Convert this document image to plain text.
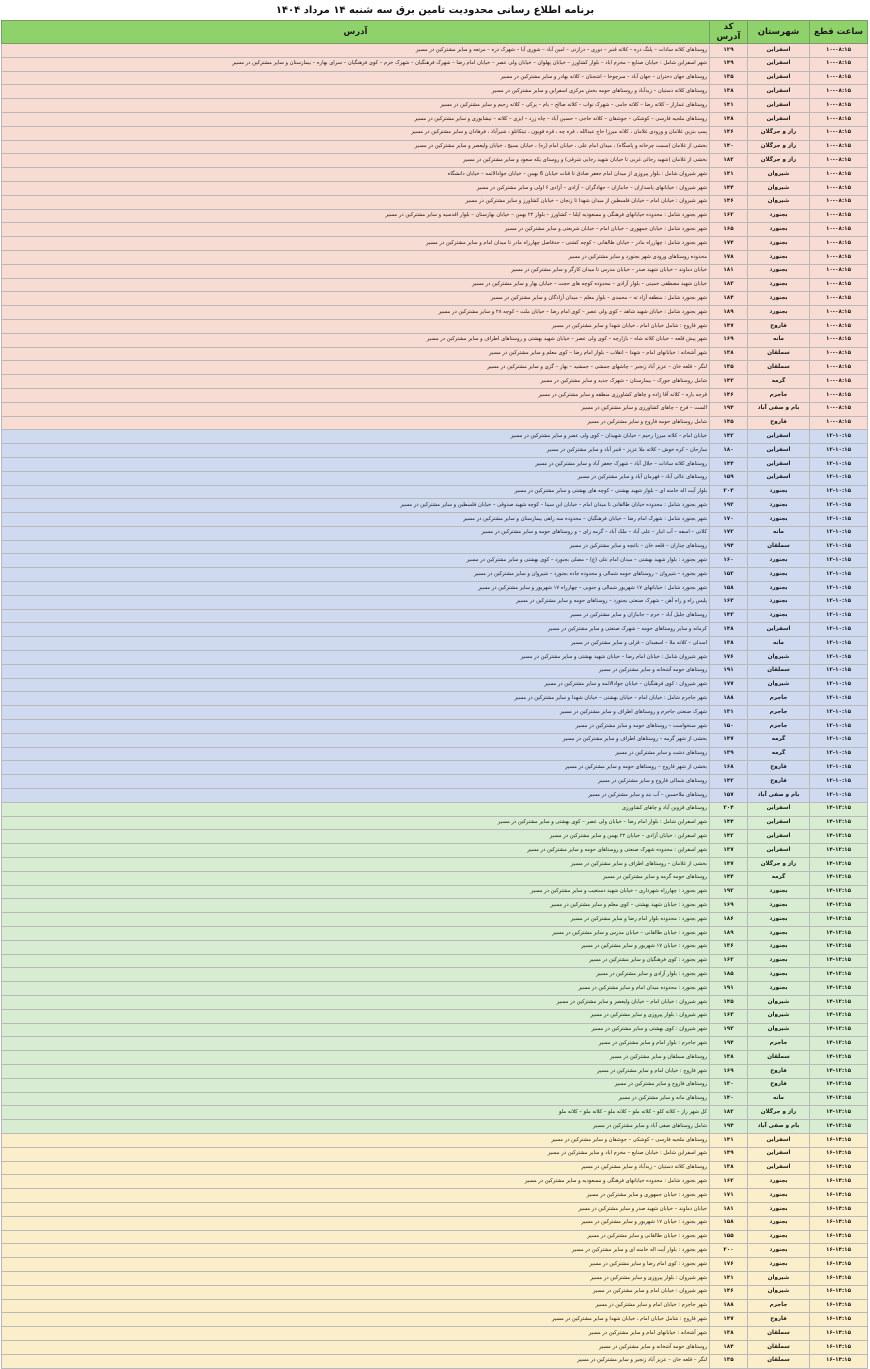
برنامه اطلاع رسانی محدودیت تامین برق سه شنبه ۱۴ مرداد ۱۴۰۴
ساعت قطع	شهرستان	کد آدرس	آدرس
۱۰-۰۸:۱۵	اسفراین	۱۲۹	روستاهای کلاته سادات – پلنگ دره – کلاته قنبر – دوری – درازنی – امین آباد – شوری آبا – شهرک دره – مرتعه و سایر مشترکین در مسیر
۱۰-۰۸:۱۵	اسفراین	۱۴۹	شهر اسفراین شامل : خیابان صنایع – مخرم اباد – بلوار کشاورز – خیابان پهلوان – خیابان ولی عصر – خیابان امام رضا – شهرک فرهنگیان – شهرک خرم – کوی فرهنگیان – سرای بهاره – بیمارستان و سایر مشترکین در مسیر
۱۰-۰۸:۱۵	اسفراین	۱۳۵	روستاهای جهان دختران – جهان آباد – سرچوخا – اشجنان – کلاته بهادر و سایر مشترکین در مسیر
۱۰-۰۸:۱۵	اسفراین	۱۳۸	روستاهای کلاته دستیان – زیدآباد و روستاهای حومه بخش مرکزی اسفراین و سایر مشترکین در مسیر
۱۰-۰۸:۱۵	اسفراین	۱۴۱	روستاهای عماراز – کلاته رضا – کلاته جامی – شهرک نواب – کلاته صالح – بام – پرکی – کلاته رحیم و سایر مشترکین در مسیر
۱۰-۰۸:۱۵	اسفراین	۱۴۸	روستاهای ملحیه فارسی – کوشکی – جوشقان – کلاته حاجی – حسین آباد – چاه زرد – ایزی – کلاته – نیشابوری و سایر مشترکین در مسیر
۱۰-۰۸:۱۵	راز و جرگلان	۱۴۶	پمپ بنزین غلامان و ورودی غلامان ، کلاته میرزا حاج عبدالله ، قره چه ، قره قویون ، تیتکانلو ، شیرآباد ، فرهادان و سایر مشترکین در مسیر
۱۰-۰۸:۱۵	راز و جرگلان	۱۴۰	بخشی از غلامان (سمت چرخانه و پاسگاه) ، میدان امام علی ، خیابان امام (ره) ، خیابان بسیج ، خیابان ولیعصر و سایر مشترکین در مسیر
۱۰-۰۸:۱۵	راز و جرگلان	۱۸۲	بخشی از غلامان (شهید رجائی غربی تا خیابان شهید رجایی شرقی) و روستای یکه سعود و سایر مشترکین در مسیر
۱۰-۰۸:۱۵	شیروان	۱۴۱	شهر شیروان شامل : بلوار پیروزی از میدان امام جعفر صادق تا قنات خیابان 6 بهمن – خیابان جوادالائمه – خیابان دانشگاه
۱۰-۰۸:۱۵	شیروان	۱۴۴	شهر شیروان : خیابانهای پاسداران – جانبازان – جهادگران – آزادی – آزادی ۶ اولی و سایر مشترکین در مسیر
۱۰-۰۸:۱۵	شیروان	۱۴۶	شهر شیروان : خیابان امام – خیابان فلسطین از میدان شهدا تا زنجان – خیابان کشاورز و سایر مشترکین در مسیر
۱۰-۰۸:۱۵	بجنورد	۱۶۲	شهر بجنورد شامل : محدوده خیابانهای فرهنگی و مسعودیه ایلنا – کشاورز – بلوار ۲۲ بهمن – خیابان بهارستان – بلوار اقدسیه و سایر مشترکین در مسیر
۱۰-۰۸:۱۵	بجنورد	۱۶۵	شهر بجنورد شامل : خیابان جمهوری – خیابان امام – خیابان شریعتی و سایر مشترکین در مسیر
۱۰-۰۸:۱۵	بجنورد	۱۷۴	شهر بجنورد شامل : چهارراه مادر – خیابان طالقانی – کوچه کشتی – حدفاصل چهارراه مادر تا میدان امام و سایر مشترکین در مسیر
۱۰-۰۸:۱۵	بجنورد	۱۷۸	محدوده روستاهای ورودی شهر بجنورد و سایر مشترکین در مسیر
۱۰-۰۸:۱۵	بجنورد	۱۸۱	خیابان دماوند – خیابان شهید صدر – خیابان مدرس تا میدان کارگر و سایر مشترکین در مسیر
۱۰-۰۸:۱۵	بجنورد	۱۸۳	خیابان شهید مصطفی خمینی – بلوار آزادی – محدوده کوچه های حجت – خیابان بهار و سایر مشترکین در مسیر
۱۰-۰۸:۱۵	بجنورد	۱۸۴	شهر بجنورد شامل : منطقه آزاد ته – محمدی – بلوار معلم – میدان آزادگان و سایر مشترکین در مسیر
۱۰-۰۸:۱۵	بجنورد	۱۸۹	شهر بجنورد شامل : خیابان شهید شاهد – کوی ولی عصر – کوی امام رضا – خیابان ملت – کوچه ۲۸ و سایر مشترکین در مسیر
۱۰-۰۸:۱۵	فاروج	۱۴۷	شهر فاروج : شامل خیابان امام ، خیابان شهدا و سایر مشترکین در مسیر
۱۰-۰۸:۱۵	مانه	۱۶۹	شهر پیش قلعه – خیابان کلاته شاه – بازارچه – کوی ولی عصر – خیابان شهید بهشتی و روستاهای اطراف و سایر مشترکین در مسیر
۱۰-۰۸:۱۵	سملقان	۱۳۸	شهر آشخانه : خیابانهای امام – شهدا – انقلاب – بلوار امام رضا – کوی معلم و سایر مشترکین در مسیر
۱۰-۰۸:۱۵	سملقان	۱۳۵	لنگر – قلعه خان – عزیز آباد زنجیر – چاشهای جمشی – جمشید – بهار – گزی و سایر مشترکین در مسیر
۱۰-۰۸:۱۵	گرمه	۱۴۳	شامل روستاهای جورک – بیمارستان – شهرک جدید و سایر مشترکین در مسیر
۱۰-۰۸:۱۵	جاجرم	۱۴۶	قرجه باره – کلاته آقا زاده و چاهای کشاورزی منطقه و سایر مشترکین در مسیر
۱۰-۰۸:۱۵	بام و صفی آباد	۱۹۴	الست – فرخ – چاهای کشاورزی و سایر مشترکین در مسیر
۱۰-۰۸:۱۵	فاروج	۱۴۵	شامل روستاهای حومه فاروج و سایر مشترکین در مسیر
۱۲-۱۰:۱۵	اسفراین	۱۴۲	خیابان امام – کلاته میرزا رحیم – خیابان شهیدان – کوی ولی عصر و سایر مشترکین در مسیر
۱۲-۱۰:۱۵	اسفراین	۱۸۰	سارحان – کره خوش – کلاته ملا عزیز – قنبر آباد و سایر مشترکین در مسیر
۱۲-۱۰:۱۵	اسفراین	۱۴۴	روستاهای کلاته سادات – جلال آباد – شهرک جعفر آباد و سایر مشترکین در مسیر
۱۲-۱۰:۱۵	اسفراین	۱۵۹	روستاهای عالی آباد – قهرمان آباد و سایر مشترکین در مسیر
۱۲-۱۰:۱۵	بجنورد	۲۰۳	بلوار آیت اله خامنه ای – بلوار شهید بهشتی – کوچه های بهشتی و سایر مشترکین در مسیر
۱۲-۱۰:۱۵	بجنورد	۱۹۲	شهر بجنورد شامل : محدوده خیابان طالقانی تا میدان امام – خیابان ابن سینا – کوچه شهید صدوقی – خیابان فلسطین و سایر مشترکین در مسیر
۱۲-۱۰:۱۵	بجنورد	۱۷۰	شهر بجنورد شامل : شهرک امام رضا – خیابان فرهنگیان – محدوده سه راهی بیمارستان و سایر مشترکین در مسیر
۱۲-۱۰:۱۵	مانه	۱۷۲	کلاتی – اسفه – آب انبار – علی آباد – ملک آباد – گرمه زای – و روستاهای حومه و سایر مشترکین در مسیر
۱۲-۱۰:۱۵	سملقان	۱۹۴	روستاهای چناران – قلعه خان – باغچه و سایر مشترکین در مسیر
۱۲-۱۰:۱۵	بجنورد	۱۶۰	شهر بجنورد : بلوار شهید بهشتی – میدان امام علی (ع) – مصلی بجنورد – کوی بهشتی و سایر مشترکین در مسیر
۱۲-۱۰:۱۵	بجنورد	۱۵۲	شهر بجنورد – شیروان – روستاهای حومه شمالی و محدوده جاده بجنورد – شیروان و سایر مشترکین در مسیر
۱۲-۱۰:۱۵	بجنورد	۱۵۸	شهر بجنورد شامل : خیابانهای ۱۷ شهریور شمالی و جنوبی – چهارراه ۱۷ شهریور و سایر مشترکین در مسیر
۱۲-۱۰:۱۵	بجنورد	۱۶۳	پلیس راه و راه آهن – شهرک صنعتی بجنورد – روستاهای حومه و سایر مشترکین در مسیر
۱۲-۱۰:۱۵	بجنورد	۱۴۳	روستاهای جلیل آباد – خرم – جانبازان و سایر مشترکین در مسیر
۱۲-۱۰:۱۵	اسفراین	۱۴۸	کرمانه و سایر روستاهای حومه – شهرک صنعتی و سایر مشترکین در مسیر
۱۲-۱۰:۱۵	مانه	۱۳۸	اسدلی – کلاته ملا – اسفیدان – قزلی و سایر مشترکین در مسیر
۱۲-۱۰:۱۵	شیروان	۱۷۶	شهر شیروان شامل : خیابان امام رضا – خیابان شهید بهشتی و سایر مشترکین در مسیر
۱۲-۱۰:۱۵	سملقان	۱۹۱	روستاهای حومه آشخانه و سایر مشترکین در مسیر
۱۲-۱۰:۱۵	شیروان	۱۷۷	شهر شیروان : کوی فرهنگیان – خیابان جوادالائمه و سایر مشترکین در مسیر
۱۲-۱۰:۱۵	جاجرم	۱۸۸	شهر جاجرم شامل : خیابان امام – خیابان بهشتی – خیابان شهدا و سایر مشترکین در مسیر
۱۲-۱۰:۱۵	جاجرم	۱۳۱	شهرک صنعتی جاجرم و روستاهای اطراف و سایر مشترکین در مسیر
۱۲-۱۰:۱۵	جاجرم	۱۵۰	شهر سنخواست – روستاهای حومه و سایر مشترکین در مسیر
۱۲-۱۰:۱۵	گرمه	۱۴۷	بخشی از شهر گرمه – روستاهای اطراف و سایر مشترکین در مسیر
۱۲-۱۰:۱۵	گرمه	۱۳۹	روستاهای دشت و سایر مشترکین در مسیر
۱۲-۱۰:۱۵	فاروج	۱۶۸	بخشی از شهر فاروج – روستاهای حومه و سایر مشترکین در مسیر
۱۲-۱۰:۱۵	فاروج	۱۴۲	روستاهای شمالی فاروج و سایر مشترکین در مسیر
۱۲-۱۰:۱۵	بام و صفی آباد	۱۵۷	روستاهای ملاحسین – آب بند و سایر مشترکین در مسیر
۱۴-۱۲:۱۵	اسفراین	۲۰۴	روستاهای قزوین آباد و چاهای کشاورزی
۱۴-۱۲:۱۵	اسفراین	۱۴۴	شهر اسفراین شامل : بلوار امام رضا – خیابان ولی عصر – کوی بهشتی و سایر مشترکین در مسیر
۱۴-۱۲:۱۵	اسفراین	۱۴۲	شهر اسفراین : خیابان آزادی – خیابان ۲۲ بهمن و سایر مشترکین در مسیر
۱۴-۱۲:۱۵	اسفراین	۱۳۷	شهر اسفراین : محدوده شهرک صنعتی و روستاهای حومه و سایر مشترکین در مسیر
۱۴-۱۲:۱۵	راز و جرگلان	۱۴۷	بخشی از غلامان – روستاهای اطراف و سایر مشترکین در مسیر
۱۴-۱۲:۱۵	گرمه	۱۴۴	روستاهای حومه گرمه و سایر مشترکین در مسیر
۱۴-۱۲:۱۵	بجنورد	۱۹۲	شهر بجنورد : چهارراه شهرداری – خیابان شهید دستغیب و سایر مشترکین در مسیر
۱۴-۱۲:۱۵	بجنورد	۱۶۹	شهر بجنورد : خیابان شهید بهشتی – کوی معلم و سایر مشترکین در مسیر
۱۴-۱۲:۱۵	بجنورد	۱۸۶	شهر بجنورد : محدوده بلوار امام رضا و سایر مشترکین در مسیر
۱۴-۱۲:۱۵	بجنورد	۱۸۹	شهر بجنورد : خیابان طالقانی – خیابان مدرس و سایر مشترکین در مسیر
۱۴-۱۲:۱۵	بجنورد	۱۳۶	شهر بجنورد : خیابان ۱۷ شهریور و سایر مشترکین در مسیر
۱۴-۱۲:۱۵	بجنورد	۱۶۲	شهر بجنورد : کوی فرهنگیان و سایر مشترکین در مسیر
۱۴-۱۲:۱۵	بجنورد	۱۸۵	شهر بجنورد : بلوار آزادی و سایر مشترکین در مسیر
۱۴-۱۲:۱۵	بجنورد	۱۹۱	شهر بجنورد : محدوده میدان امام و سایر مشترکین در مسیر
۱۴-۱۲:۱۵	شیروان	۱۴۵	شهر شیروان : خیابان امام – خیابان ولیعصر و سایر مشترکین در مسیر
۱۴-۱۲:۱۵	شیروان	۱۶۳	شهر شیروان : بلوار پیروزی و سایر مشترکین در مسیر
۱۴-۱۲:۱۵	شیروان	۱۹۳	شهر شیروان : کوی بهشتی و سایر مشترکین در مسیر
۱۴-۱۲:۱۵	جاجرم	۱۹۴	شهر جاجرم : بلوار امام و سایر مشترکین در مسیر
۱۴-۱۲:۱۵	سملقان	۱۳۸	روستاهای سملقان و سایر مشترکین در مسیر
۱۴-۱۲:۱۵	فاروج	۱۶۹	شهر فاروج : خیابان امام و سایر مشترکین در مسیر
۱۴-۱۲:۱۵	فاروج	۱۳۰	روستاهای فاروج و سایر مشترکین در مسیر
۱۴-۱۲:۱۵	مانه	۱۴۰	روستاهای مانه و سایر مشترکین در مسیر
۱۴-۱۲:۱۵	راز و جرگلان	۱۸۲	کل شهر راز – کلاته کلو – کلاته ملو – کلاته ملو – کلاته ملو – کلاته ملو
۱۴-۱۲:۱۵	بام و صفی آباد	۱۹۴	شامل روستاهای صفی آباد و سایر مشترکین در مسیر
۱۶-۱۴:۱۵	اسفراین	۱۴۱	روستاهای ملحیه فارسی – کوشکی – جوشقان و سایر مشترکین در مسیر
۱۶-۱۴:۱۵	اسفراین	۱۴۹	شهر اسفراین شامل : خیابان صنایع – مخرم اباد و سایر مشترکین در مسیر
۱۶-۱۴:۱۵	اسفراین	۱۳۸	روستاهای کلاته دستیان – زیدآباد و سایر مشترکین در مسیر
۱۶-۱۴:۱۵	بجنورد	۱۶۲	شهر بجنورد شامل : محدوده خیابانهای فرهنگی و مسعودیه و سایر مشترکین در مسیر
۱۶-۱۴:۱۵	بجنورد	۱۷۱	شهر بجنورد : خیابان جمهوری و سایر مشترکین در مسیر
۱۶-۱۴:۱۵	بجنورد	۱۸۱	خیابان دماوند – خیابان شهید صدر و سایر مشترکین در مسیر
۱۶-۱۴:۱۵	بجنورد	۱۵۸	شهر بجنورد : خیابان ۱۷ شهریور و سایر مشترکین در مسیر
۱۶-۱۴:۱۵	بجنورد	۱۵۵	شهر بجنورد : خیابان طالقانی و سایر مشترکین در مسیر
۱۶-۱۴:۱۵	بجنورد	۲۰۰	شهر بجنورد : بلوار آیت اله خامنه ای و سایر مشترکین در مسیر
۱۶-۱۴:۱۵	بجنورد	۱۷۶	شهر بجنورد : کوی امام رضا و سایر مشترکین در مسیر
۱۶-۱۴:۱۵	شیروان	۱۴۱	شهر شیروان : بلوار پیروزی و سایر مشترکین در مسیر
۱۶-۱۴:۱۵	شیروان	۱۴۶	شهر شیروان : خیابان امام و سایر مشترکین در مسیر
۱۶-۱۴:۱۵	جاجرم	۱۸۸	شهر جاجرم : خیابان امام و سایر مشترکین در مسیر
۱۶-۱۴:۱۵	فاروج	۱۴۷	شهر فاروج : شامل خیابان امام ، خیابان شهدا و سایر مشترکین در مسیر
۱۶-۱۴:۱۵	سملقان	۱۳۸	شهر آشخانه : خیابانهای امام و سایر مشترکین در مسیر
۱۶-۱۴:۱۵	سملقان	۱۸۴	روستاهای حومه آشخانه و سایر مشترکین در مسیر
۱۶-۱۴:۱۵	سملقان	۱۳۵	لنگر – قلعه خان – عزیز آباد زنجیر و سایر مشترکین در مسیر
